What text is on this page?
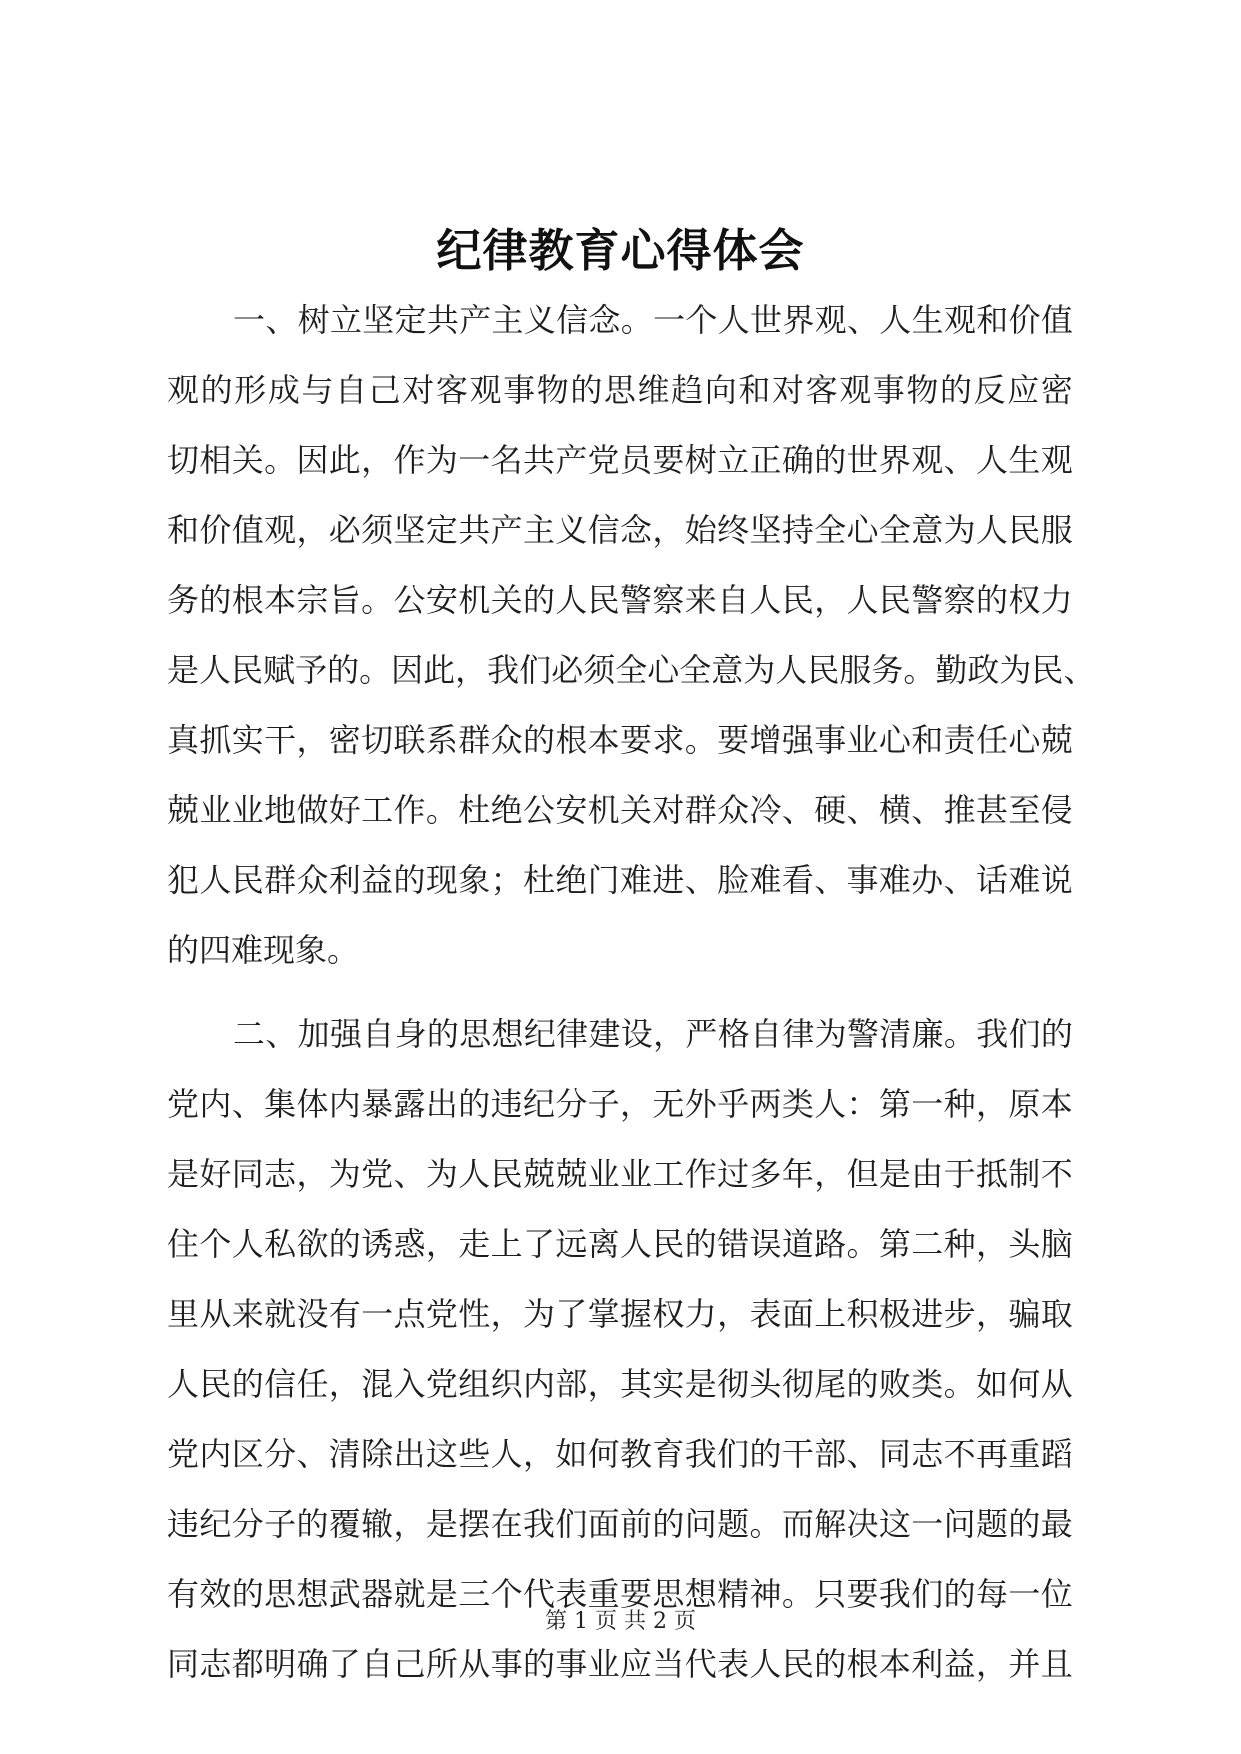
纪律教育心得体会
一 、 树 立 坚 定 共 产 主 义 信 念 。 一 个 人 世 界 观 、 人 生 观 和 价 值
观 的 形 成 与 自 己 对 客 观 事 物 的 思 维 趋 向 和 对 客 观 事 物 的 反 应 密
切 相 关 。 因 此 ， 作 为 一 名 共 产 党 员 要 树 立 正 确 的 世 界 观 、 人 生 观
和 价 值 观 ， 必 须 坚 定 共 产 主 义 信 念 ， 始 终 坚 持 全 心 全 意 为 人 民 服
务 的 根 本 宗 旨 。 公 安 机 关 的 人 民 警 察 来 自 人 民 ， 人 民 警 察 的 权 力
是 人 民 赋 予 的 。 因 此 ， 我 们 必 须 全 心 全 意 为 人 民 服 务 。 勤 政 为 民 、
真 抓 实 干 ， 密 切 联 系 群 众 的 根 本 要 求 。 要 增 强 事 业 心 和 责 任 心 兢
兢 业 业 地 做 好 工 作 。 杜 绝 公 安 机 关 对 群 众 冷 、 硬 、 横 、 推 甚 至 侵
犯 人 民 群 众 利 益 的 现 象 ； 杜 绝 门 难 进 、 脸 难 看 、 事 难 办 、 话 难 说
的四难现象。
二 、 加 强 自 身 的 思 想 纪 律 建 设 ， 严 格 自 律 为 警 清 廉 。 我 们 的
党 内 、 集 体 内 暴 露 出 的 违 纪 分 子 ， 无 外 乎 两 类 人 ： 第 一 种 ， 原 本
是 好 同 志 ， 为 党 、 为 人 民 兢 兢 业 业 工 作 过 多 年 ， 但 是 由 于 抵 制 不
住 个 人 私 欲 的 诱 惑 ， 走 上 了 远 离 人 民 的 错 误 道 路 。 第 二 种 ， 头 脑
里 从 来 就 没 有 一 点 党 性 ， 为 了 掌 握 权 力 ， 表 面 上 积 极 进 步 ， 骗 取
人 民 的 信 任 ， 混 入 党 组 织 内 部 ， 其 实 是 彻 头 彻 尾 的 败 类 。 如 何 从
党 内 区 分 、 清 除 出 这 些 人 ， 如 何 教 育 我 们 的 干 部 、 同 志 不 再 重 蹈
违 纪 分 子 的 覆 辙 ， 是 摆 在 我 们 面 前 的 问 题 。 而 解 决 这 一 问 题 的 最
有 效 的 思 想 武 器 就 是 三 个 代 表 重 要 思 想 精 神 。 只 要 我 们 的 每 一 位
同 志 都 明 确 了 自 己 所 从 事 的 事 业 应 当 代 表 人 民 的 根 本 利 益 ， 并 且
第 1 页 共 2 页
